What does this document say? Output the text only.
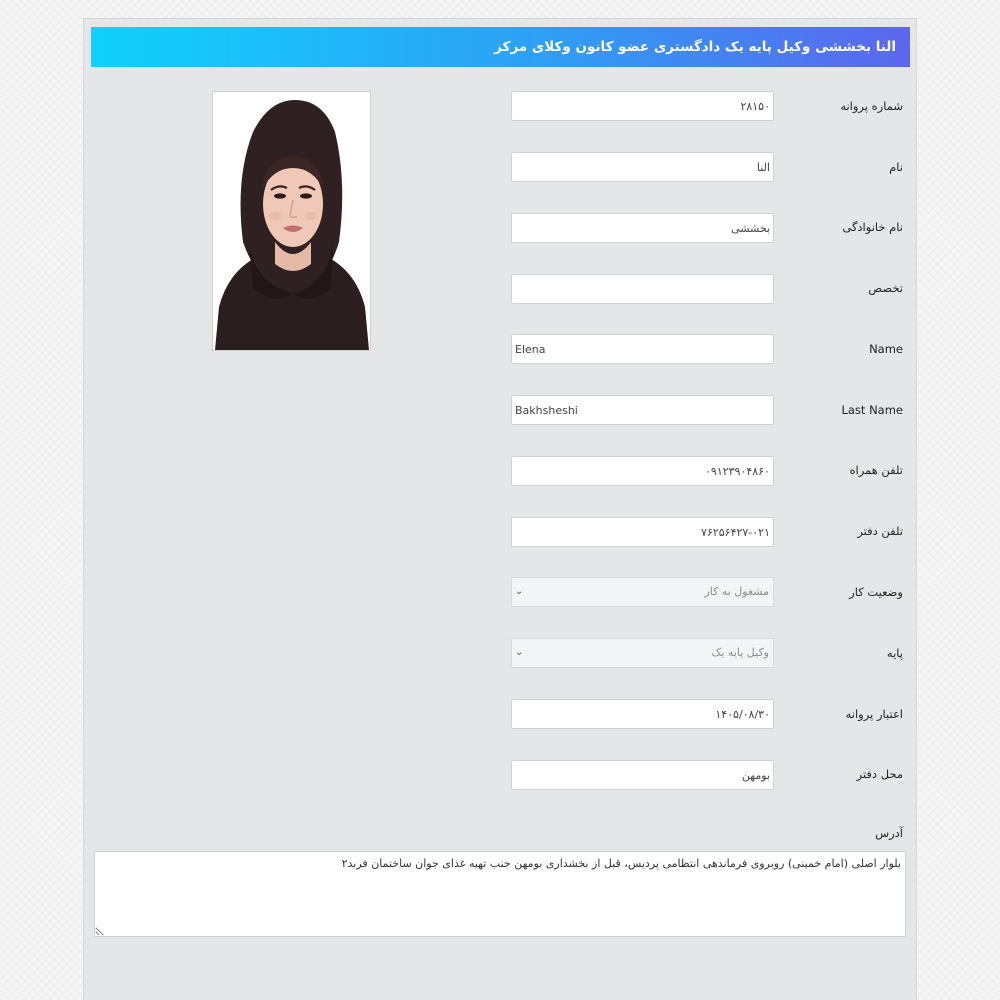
النا بخششی وکیل پایه یک دادگستری عضو کانون وکلای مرکز
شماره پروانه
۲۸۱۵۰
نام
النا
نام خانوادگی
بخششی
تخصص
Name
Elena
Last Name
Bakhsheshi
تلفن همراه
۰۹۱۲۳۹۰۴۸۶۰
تلفن دفتر
۷۶۲۵۶۴۲۷-۰۲۱
وضعیت کار
مشغول به کار
⌄
پایه
وکیل پایه یک
⌄
اعتبار پروانه
۱۴۰۵/۰۸/۳۰
محل دفتر
بومهن
آدرس
بلوار اصلی (امام خمینی) روبروی فرماندهی انتظامی پردیس، قبل از بخشداری بومهن جنب تهیه غذای جوان ساختمان فربد۲
